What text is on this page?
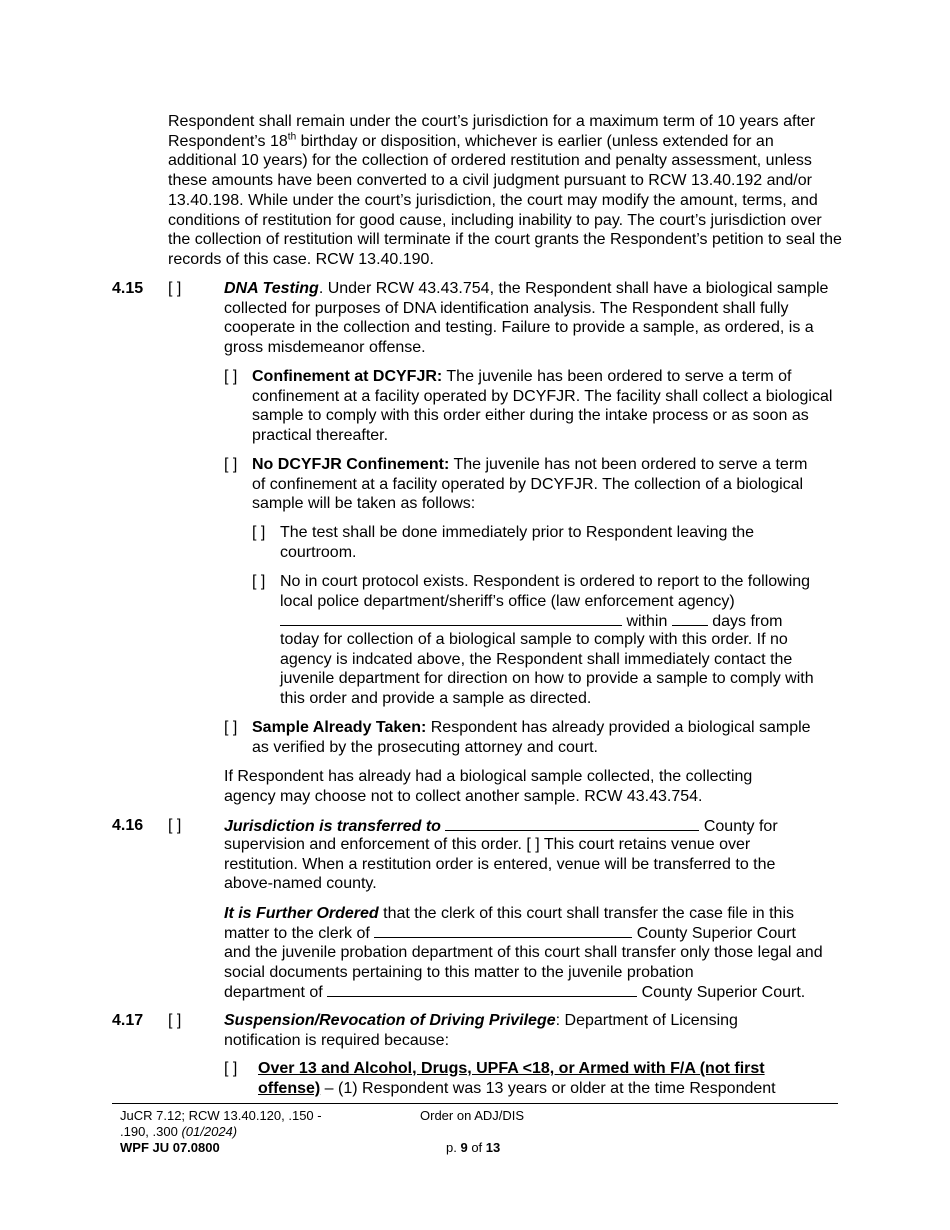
Respondent shall remain under the court’s jurisdiction for a maximum term of 10 years after Respondent’s 18th birthday or disposition, whichever is earlier (unless extended for an additional 10 years) for the collection of ordered restitution and penalty assessment, unless these amounts have been converted to a civil judgment pursuant to RCW 13.40.192 and/or 13.40.198. While under the court’s jurisdiction, the court may modify the amount, terms, and conditions of restitution for good cause, including inability to pay. The court’s jurisdiction over the collection of restitution will terminate if the court grants the Respondent’s petition to seal the records of this case. RCW 13.40.190.

4.15 [ ]	DNA Testing. Under RCW 43.43.754, the Respondent shall have a biological sample collected for purposes of DNA identification analysis. The Respondent shall fully cooperate in the collection and testing. Failure to provide a sample, as ordered, is a gross misdemeanor offense.

[ ] Confinement at DCYFJR: The juvenile has been ordered to serve a term of confinement at a facility operated by DCYFJR. The facility shall collect a biological sample to comply with this order either during the intake process or as soon as practical thereafter.

[ ] No DCYFJR Confinement: The juvenile has not been ordered to serve a term of confinement at a facility operated by DCYFJR. The collection of a biological sample will be taken as follows:

[ ] The test shall be done immediately prior to Respondent leaving the courtroom.

[ ] No in court protocol exists. Respondent is ordered to report to the following local police department/sheriff’s office (law enforcement agency)

within  days from

today for collection of a biological sample to comply with this order. If no agency is indcated above, the Respondent shall immediately contact the juvenile department for direction on how to provide a sample to comply with this order and provide a sample as directed.

[ ] Sample Already Taken: Respondent has already provided a biological sample as verified by the prosecuting attorney and court.

If Respondent has already had a biological sample collected, the collecting agency may choose not to collect another sample. RCW 43.43.754.

4.16 [ ]	Jurisdiction is transferred to	County for

supervision and enforcement of this order. [ ] This court retains venue over restitution. When a restitution order is entered, venue will be transferred to the above-named county.

It is Further Ordered that the clerk of this court shall transfer the case file in this
matter to the clerk of	County Superior Court

and the juvenile probation department of this court shall transfer only those legal and social documents pertaining to this matter to the juvenile probation

department of	County Superior Court.
4.17 [ ]	Suspension/Revocation of Driving Privilege: Department of Licensing notification is required because:

[ ] Over 13 and Alcohol, Drugs, UPFA <18, or Armed with F/A (not first offense) – (1) Respondent was 13 years or older at the time Respondent

JuCR 7.12; RCW 13.40.120, .150 -
.190, .300 (01/2024)
WPF JU 07.0800
Order on ADJ/DIS
p. 9 of 13
